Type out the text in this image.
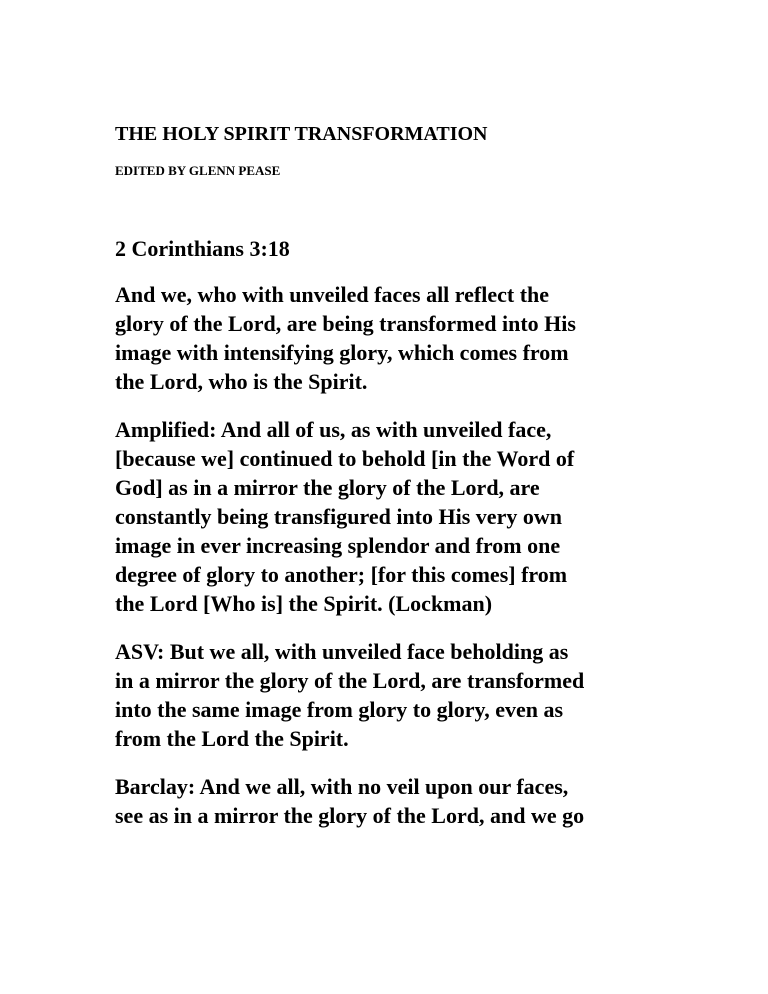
THE HOLY SPIRIT TRANSFORMATION
EDITED BY GLENN PEASE
2 Corinthians 3:18
And we, who with unveiled faces all reflect the
glory of the Lord, are being transformed into His
image with intensifying glory, which comes from
the Lord, who is the Spirit.
Amplified: And all of us, as with unveiled face,
[because we] continued to behold [in the Word of
God] as in a mirror the glory of the Lord, are
constantly being transfigured into His very own
image in ever increasing splendor and from one
degree of glory to another; [for this comes] from
the Lord [Who is] the Spirit. (Lockman)
ASV: But we all, with unveiled face beholding as
in a mirror the glory of the Lord, are transformed
into the same image from glory to glory, even as
from the Lord the Spirit.
Barclay: And we all, with no veil upon our faces,
see as in a mirror the glory of the Lord, and we go
